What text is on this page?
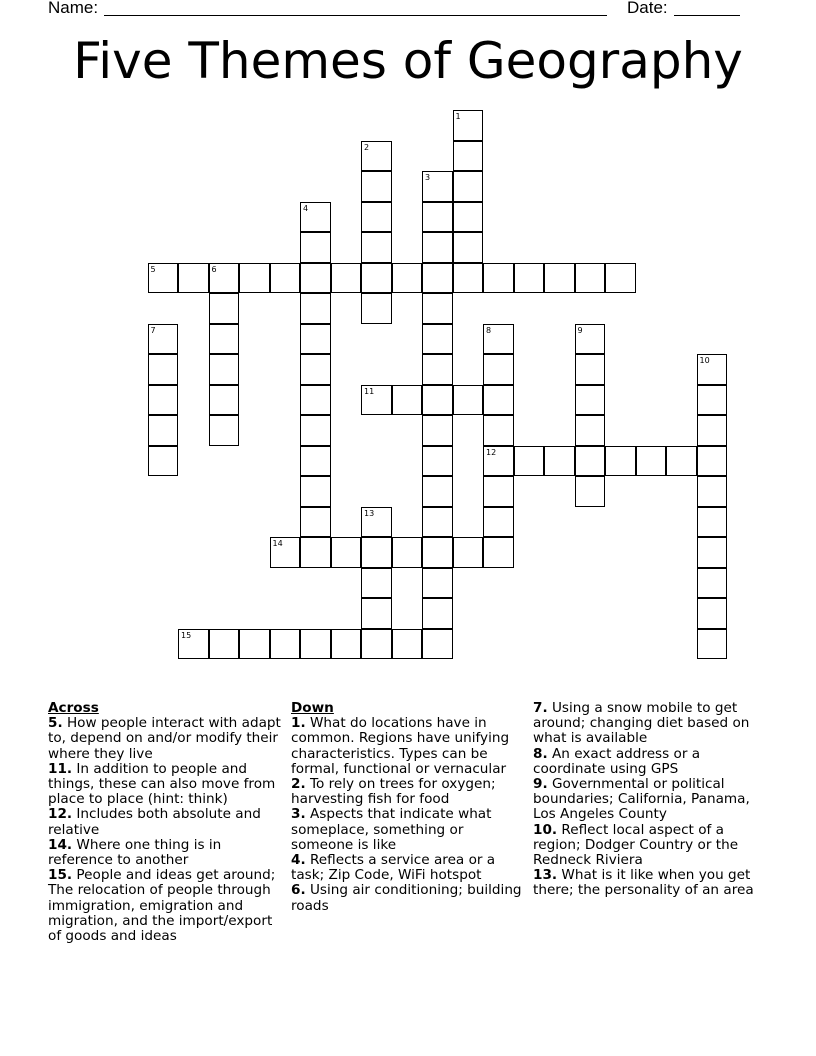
Name:	Date:
Five Themes of Geography
1
2
3
4
5	6
7	8
12
9
10
11
13
14
15
Across
5. How people interact with adapt to, depend on and/or modify their where they live
11. In addition to people and things, these can also move from place to place (hint: think)
12. Includes both absolute and relative
14. Where one thing is in reference to another
15. People and ideas get around; The relocation of people through immigration, emigration and migration, and the import/export of goods and ideas
Down
1. What do locations have in common. Regions have unifying characteristics. Types can be formal, functional or vernacular
2. To rely on trees for oxygen; harvesting fish for food
3. Aspects that indicate what someplace, something or someone is like
4. Reflects a service area or a task; Zip Code, WiFi hotspot
6. Using air conditioning; building roads
7. Using a snow mobile to get around; changing diet based on what is available
8. An exact address or a coordinate using GPS
9. Governmental or political boundaries; California, Panama, Los Angeles County
10. Reflect local aspect of a region; Dodger Country or the Redneck Riviera
13. What is it like when you get there; the personality of an area
